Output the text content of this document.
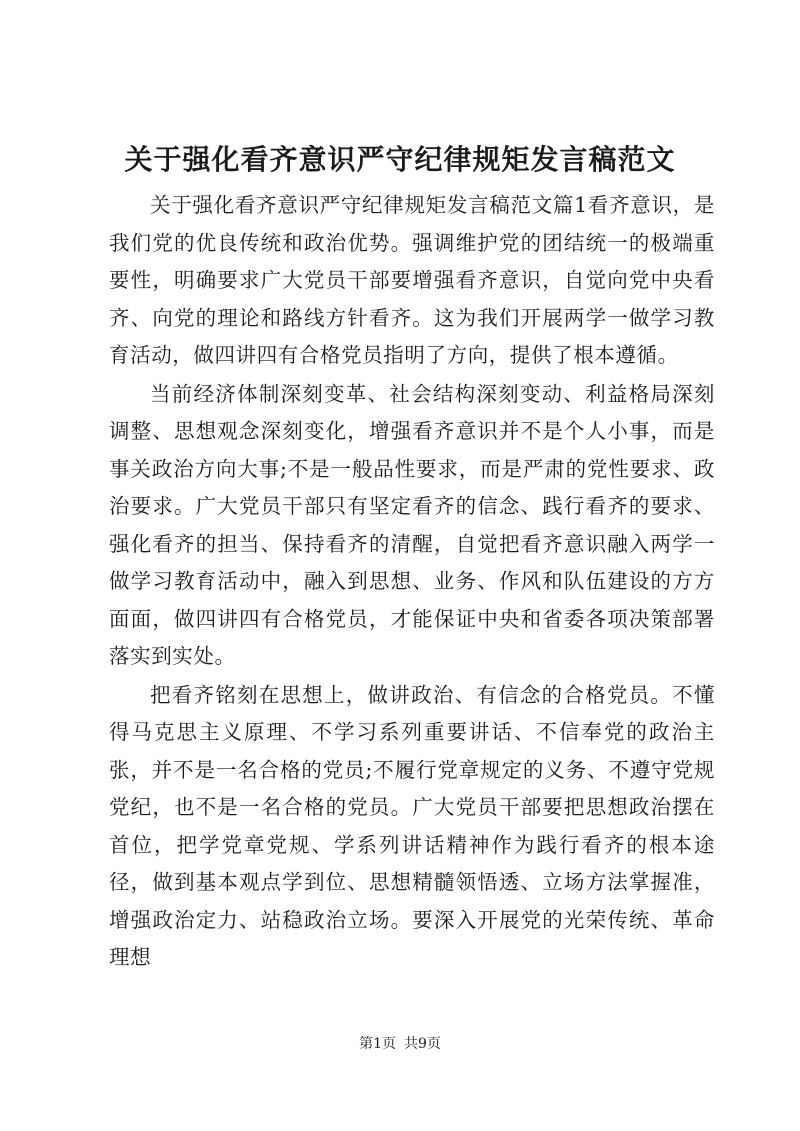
关于强化看齐意识严守纪律规矩发言稿范文

关于强化看齐意识严守纪律规矩发言稿范文篇1看齐意识，是我们党的优良传统和政治优势。强调维护党的团结统一的极端重要性，明确要求广大党员干部要增强看齐意识，自觉向党中央看齐、向党的理论和路线方针看齐。这为我们开展两学一做学习教育活动，做四讲四有合格党员指明了方向，提供了根本遵循。

当前经济体制深刻变革、社会结构深刻变动、利益格局深刻调整、思想观念深刻变化，增强看齐意识并不是个人小事，而是事关政治方向大事;不是一般品性要求，而是严肃的党性要求、政治要求。广大党员干部只有坚定看齐的信念、践行看齐的要求、强化看齐的担当、保持看齐的清醒，自觉把看齐意识融入两学一做学习教育活动中，融入到思想、业务、作风和队伍建设的方方面面，做四讲四有合格党员，才能保证中央和省委各项决策部署落实到实处。

把看齐铭刻在思想上，做讲政治、有信念的合格党员。不懂得马克思主义原理、不学习系列重要讲话、不信奉党的政治主张，并不是一名合格的党员;不履行党章规定的义务、不遵守党规党纪，也不是一名合格的党员。广大党员干部要把思想政治摆在首位，把学党章党规、学系列讲话精神作为践行看齐的根本途径，做到基本观点学到位、思想精髓领悟透、立场方法掌握准，增强政治定力、站稳政治立场。要深入开展党的光荣传统、革命理想

第1页 共9页
